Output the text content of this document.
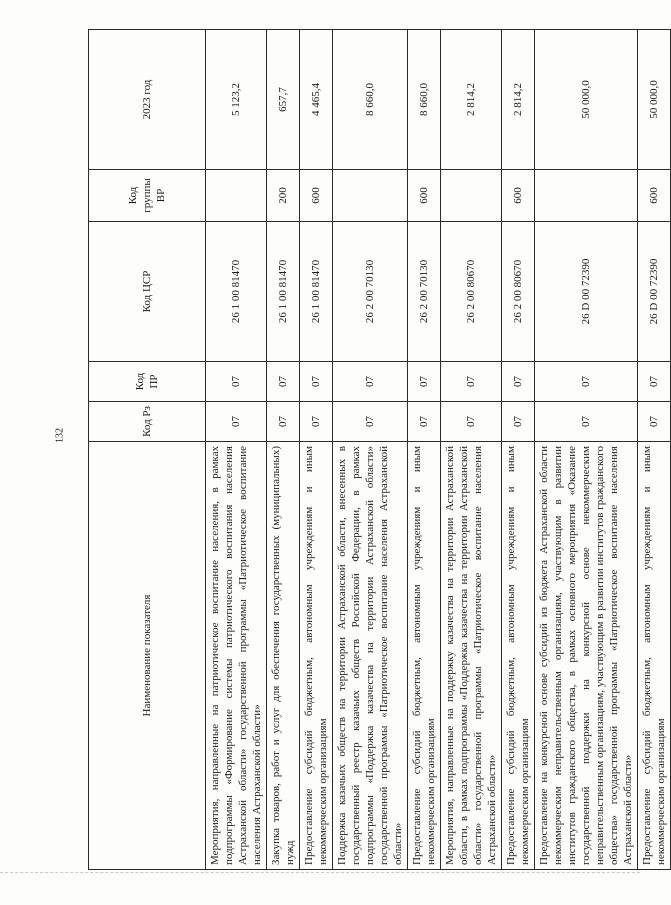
132
Наименование показателя	Код Рз	Код ПР	Код ЦСР	Код группы ВР	2023 год
Мероприятия, направленные на патриотическое воспитание населения, в рамках подпрограммы «Формирование системы патриотического воспитания населения Астраханской области» государственной программы «Патриотическое воспитание населения Астраханской области»	07	07	26 1 00 81470		5 123,2
Закупка товаров, работ и услуг для обеспечения государственных (муниципальных) нужд	07	07	26 1 00 81470	200	657,7
Предоставление субсидий бюджетным, автономным учреждениям и иным некоммерческим организациям	07	07	26 1 00 81470	600	4 465,4
Поддержка казачьих обществ на территории Астраханской области, внесенных в государственный реестр казачьих обществ Российской Федерации, в рамках подпрограммы «Поддержка казачества на территории Астраханской области» государственной программы «Патриотическое воспитание населения Астраханской области»	07	07	26 2 00 70130		8 660,0
Предоставление субсидий бюджетным, автономным учреждениям и иным некоммерческим организациям	07	07	26 2 00 70130	600	8 660,0
Мероприятия, направленные на поддержку казачества на территории Астраханской области, в рамках подпрограммы «Поддержка казачества на территории Астраханской области» государственной программы «Патриотическое воспитание населения Астраханской области»	07	07	26 2 00 80670		2 814,2
Предоставление субсидий бюджетным, автономным учреждениям и иным некоммерческим организациям	07	07	26 2 00 80670	600	2 814,2
Предоставление на конкурсной основе субсидий из бюджета Астраханской области некоммерческим неправительственным организациям, участвующим в развитии институтов гражданского общества, в рамках основного мероприятия «Оказание государственной поддержки на конкурсной основе некоммерческим неправительственным организациям, участвующим в развитии институтов гражданского общества» государственной программы «Патриотическое воспитание населения Астраханской области»	07	07	26 D 00 72390		50 000,0
Предоставление субсидий бюджетным, автономным учреждениям и иным некоммерческим организациям	07	07	26 D 00 72390	600	50 000,0
